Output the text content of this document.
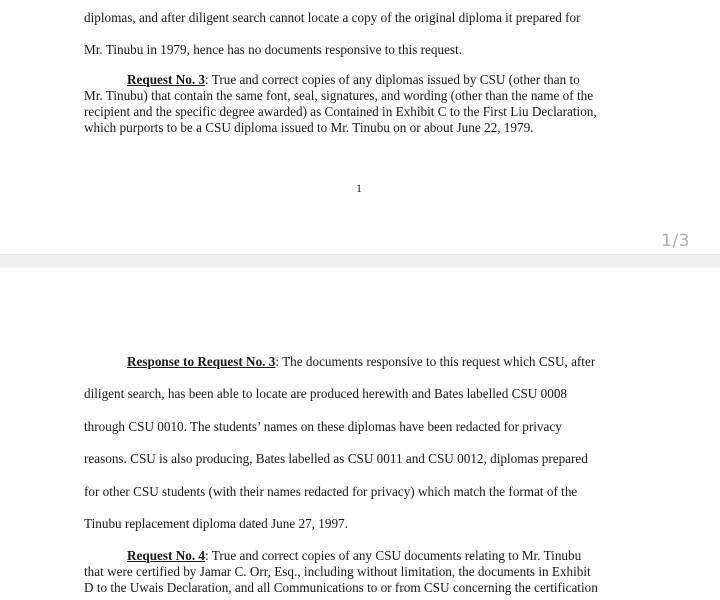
diplomas, and after diligent search cannot locate a copy of the original diploma it prepared for
Mr. Tinubu in 1979, hence has no documents responsive to this request.
Request No. 3: True and correct copies of any diplomas issued by CSU (other than to
Mr. Tinubu) that contain the same font, seal, signatures, and wording (other than the name of the
recipient and the specific degree awarded) as Contained in Exhibit C to the First Liu Declaration,
which purports to be a CSU diploma issued to Mr. Tinubu on or about June 22, 1979.
1
1/3
Response to Request No. 3: The documents responsive to this request which CSU, after
diligent search, has been able to locate are produced herewith and Bates labelled CSU 0008
through CSU 0010. The students’ names on these diplomas have been redacted for privacy
reasons. CSU is also producing, Bates labelled as CSU 0011 and CSU 0012, diplomas prepared
for other CSU students (with their names redacted for privacy) which match the format of the
Tinubu replacement diploma dated June 27, 1997.
Request No. 4: True and correct copies of any CSU documents relating to Mr. Tinubu
that were certified by Jamar C. Orr, Esq., including without limitation, the documents in Exhibit
D to the Uwais Declaration, and all Communications to or from CSU concerning the certification
